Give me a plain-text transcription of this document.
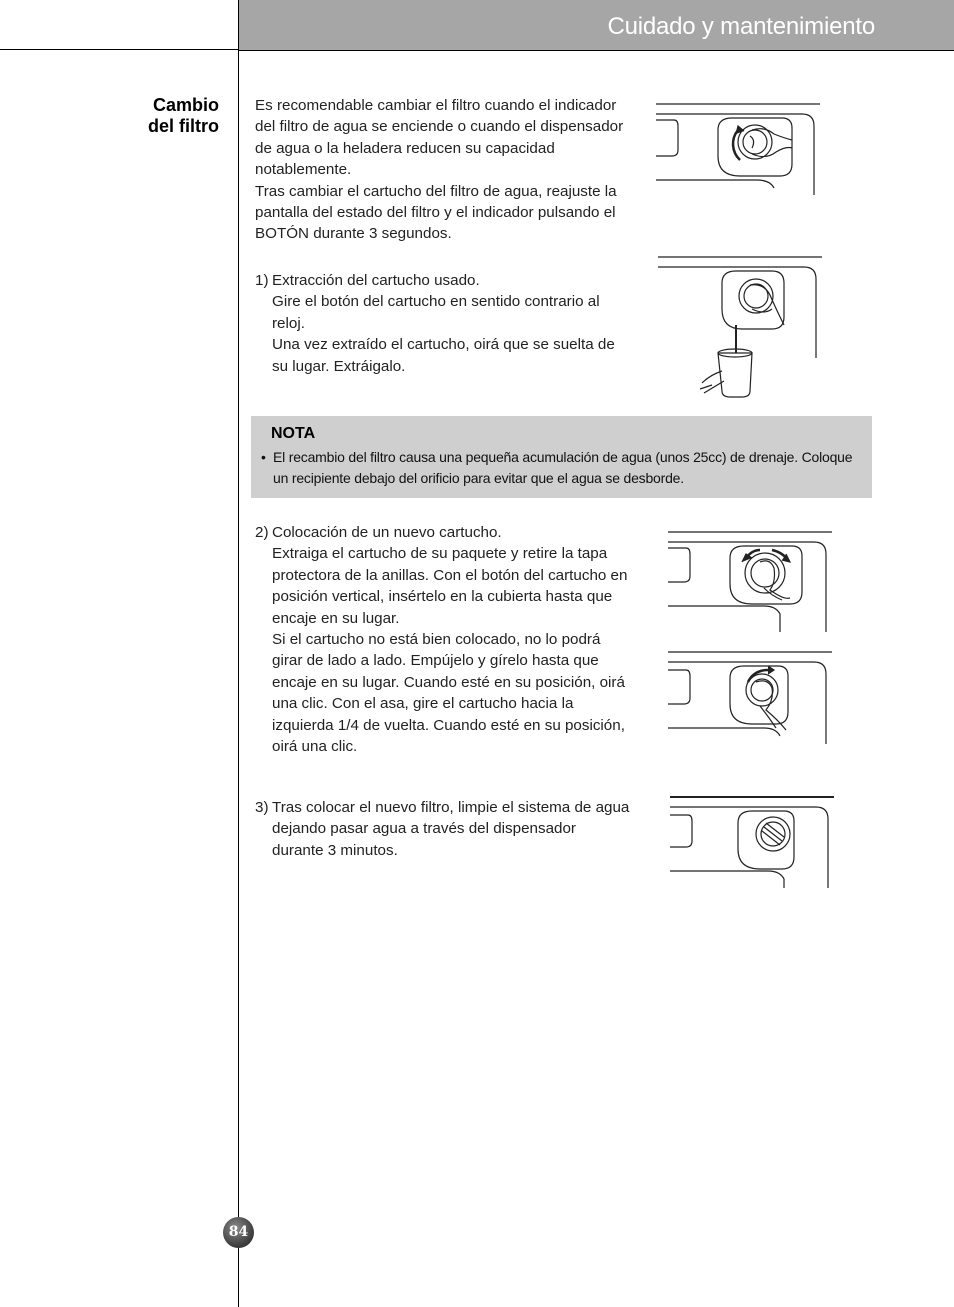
Cuidado y mantenimiento
Cambio
del filtro

Es recomendable cambiar el filtro cuando el indicador del filtro de agua se enciende o cuando el dispensador de agua o la heladera reducen su capacidad notablemente.

Tras cambiar el cartucho del filtro de agua, reajuste la pantalla del estado del filtro y el indicador pulsando el BOTÓN durante 3 segundos.

1) Extracción del cartucho usado.

Gire el botón del cartucho en sentido contrario al reloj.

Una vez extraído el cartucho, oirá que se suelta de su lugar. Extráigalo.

NOTA
• El recambio del filtro causa una pequeña acumulación de agua (unos 25cc) de drenaje. Coloque un recipiente debajo del orificio para evitar que el agua se desborde.
2) Colocación de un nuevo cartucho.

Extraiga el cartucho de su paquete y retire la tapa protectora de la anillas. Con el botón del cartucho en posición vertical, insértelo en la cubierta hasta que encaje en su lugar.

Si el cartucho no está bien colocado, no lo podrá girar de lado a lado. Empújelo y gírelo hasta que encaje en su lugar. Cuando esté en su posición, oirá una clic. Con el asa, gire el cartucho hacia la izquierda 1/4 de vuelta. Cuando esté en su posición, oirá una clic.

3) Tras colocar el nuevo filtro, limpie el sistema de agua dejando pasar agua a través del dispensador durante 3 minutos.

84
